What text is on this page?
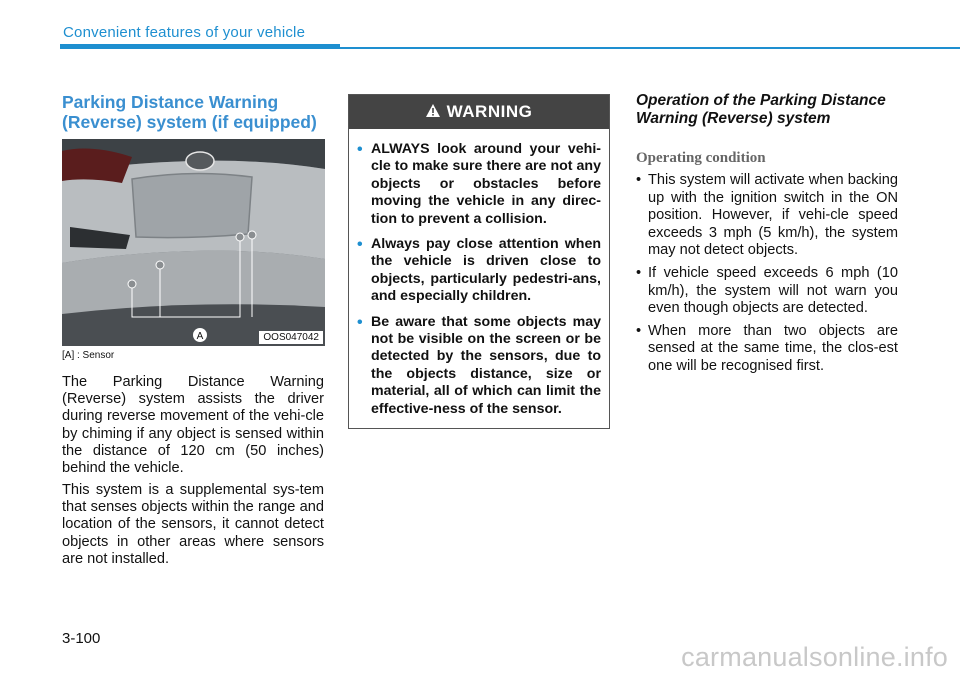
Convenient features of your vehicle
Parking Distance Warning (Reverse) system (if equipped)
A	OOS047042
[A] : Sensor

The Parking Distance Warning (Reverse) system assists the driver during reverse movement of the vehi-cle by chiming if any object is sensed within the distance of 120 cm (50 inches) behind the vehicle.

This system is a supplemental sys-tem that senses objects within the range and location of the sensors, it cannot detect objects in other areas where sensors are not installed.

WARNING
• ALWAYS look around your vehi-cle to make sure there are not any objects or obstacles before moving the vehicle in any direc-tion to prevent a collision.
• Always pay close attention when the vehicle is driven close to objects, particularly pedestri-ans, and especially children.
• Be aware that some objects may not be visible on the screen or be detected by the sensors, due to the objects distance, size or material, all of which can limit the effective-ness of the sensor.
Operation of the Parking Distance Warning (Reverse) system
Operating condition
• This system will activate when backing up with the ignition switch in the ON position. However, if vehi-cle speed exceeds 3 mph (5 km/h), the system may not detect objects.
• If vehicle speed exceeds 6 mph (10 km/h), the system will not warn you even though objects are detected.
• When more than two objects are sensed at the same time, the clos-est one will be recognised first.
3-100
carmanualsonline.info
